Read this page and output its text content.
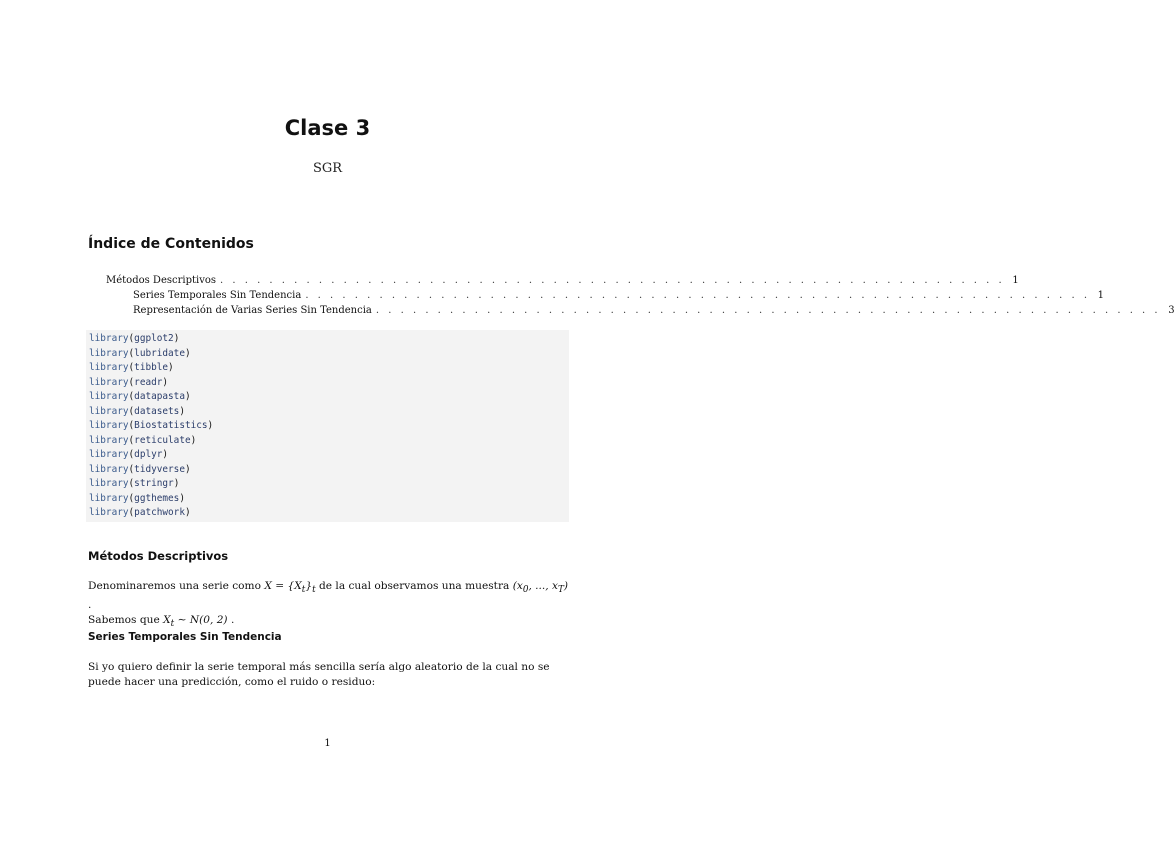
Clase 3
SGR
Índice de Contenidos
Métodos Descriptivos . . . . . . . . . . . . . . . . . . . . . . . . . . . . . . . . . . . . . . . . . . . . . . . . . . . . . . . . . . . . . . . . 1
Series Temporales Sin Tendencia . . . . . . . . . . . . . . . . . . . . . . . . . . . . . . . . . . . . . . . . . . . . . . . . . . . . . . . . . . . . . . . . 1
Representación de Varias Series Sin Tendencia . . . . . . . . . . . . . . . . . . . . . . . . . . . . . . . . . . . . . . . . . . . . . . . . . . . . . . . . . . . . . . . . 3
library(ggplot2)
library(lubridate)
library(tibble)
library(readr)
library(datapasta)
library(datasets)
library(Biostatistics)
library(reticulate)
library(dplyr)
library(tidyverse)
library(stringr)
library(ggthemes)
library(patchwork)
Métodos Descriptivos
Denominaremos una serie como $X = \{X_t\}_t$ de la cual observamos una muestra ($x_0$, ..., $x_T$) .
Sabemos que $X_t$ ∼ N(0, 2) .
Series Temporales Sin Tendencia
Si yo quiero definir la serie temporal más sencilla sería algo aleatorio de la cual no se puede hacer una predicción, como el ruido o residuo:
1
